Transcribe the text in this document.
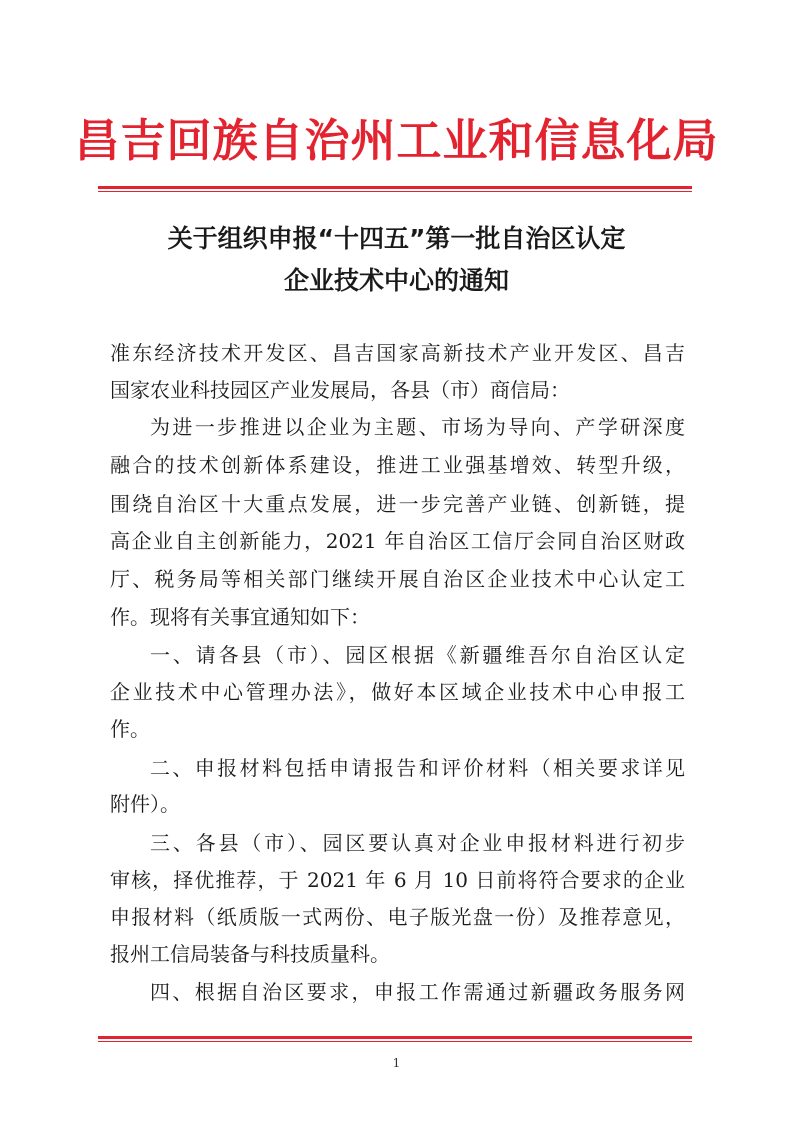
昌吉回族自治州工业和信息化局
关于组织申报“十四五”第一批自治区认定
企业技术中心的通知
准东经济技术开发区、昌吉国家高新技术产业开发区、昌吉
国家农业科技园区产业发展局，各县（市）商信局：
为进一步推进以企业为主题、市场为导向、产学研深度
融合的技术创新体系建设，推进工业强基增效、转型升级，
围绕自治区十大重点发展，进一步完善产业链、创新链，提
高企业自主创新能力，2021 年自治区工信厅会同自治区财政
厅、税务局等相关部门继续开展自治区企业技术中心认定工
作。现将有关事宜通知如下：
一、请各县（市）、园区根据《新疆维吾尔自治区认定
企业技术中心管理办法》，做好本区域企业技术中心申报工
作。
二、申报材料包括申请报告和评价材料（相关要求详见
附件）。
三、各县（市）、园区要认真对企业申报材料进行初步
审核，择优推荐，于 2021 年 6 月 10 日前将符合要求的企业
申报材料（纸质版一式两份、电子版光盘一份）及推荐意见，
报州工信局装备与科技质量科。
四、根据自治区要求，申报工作需通过新疆政务服务网
1
